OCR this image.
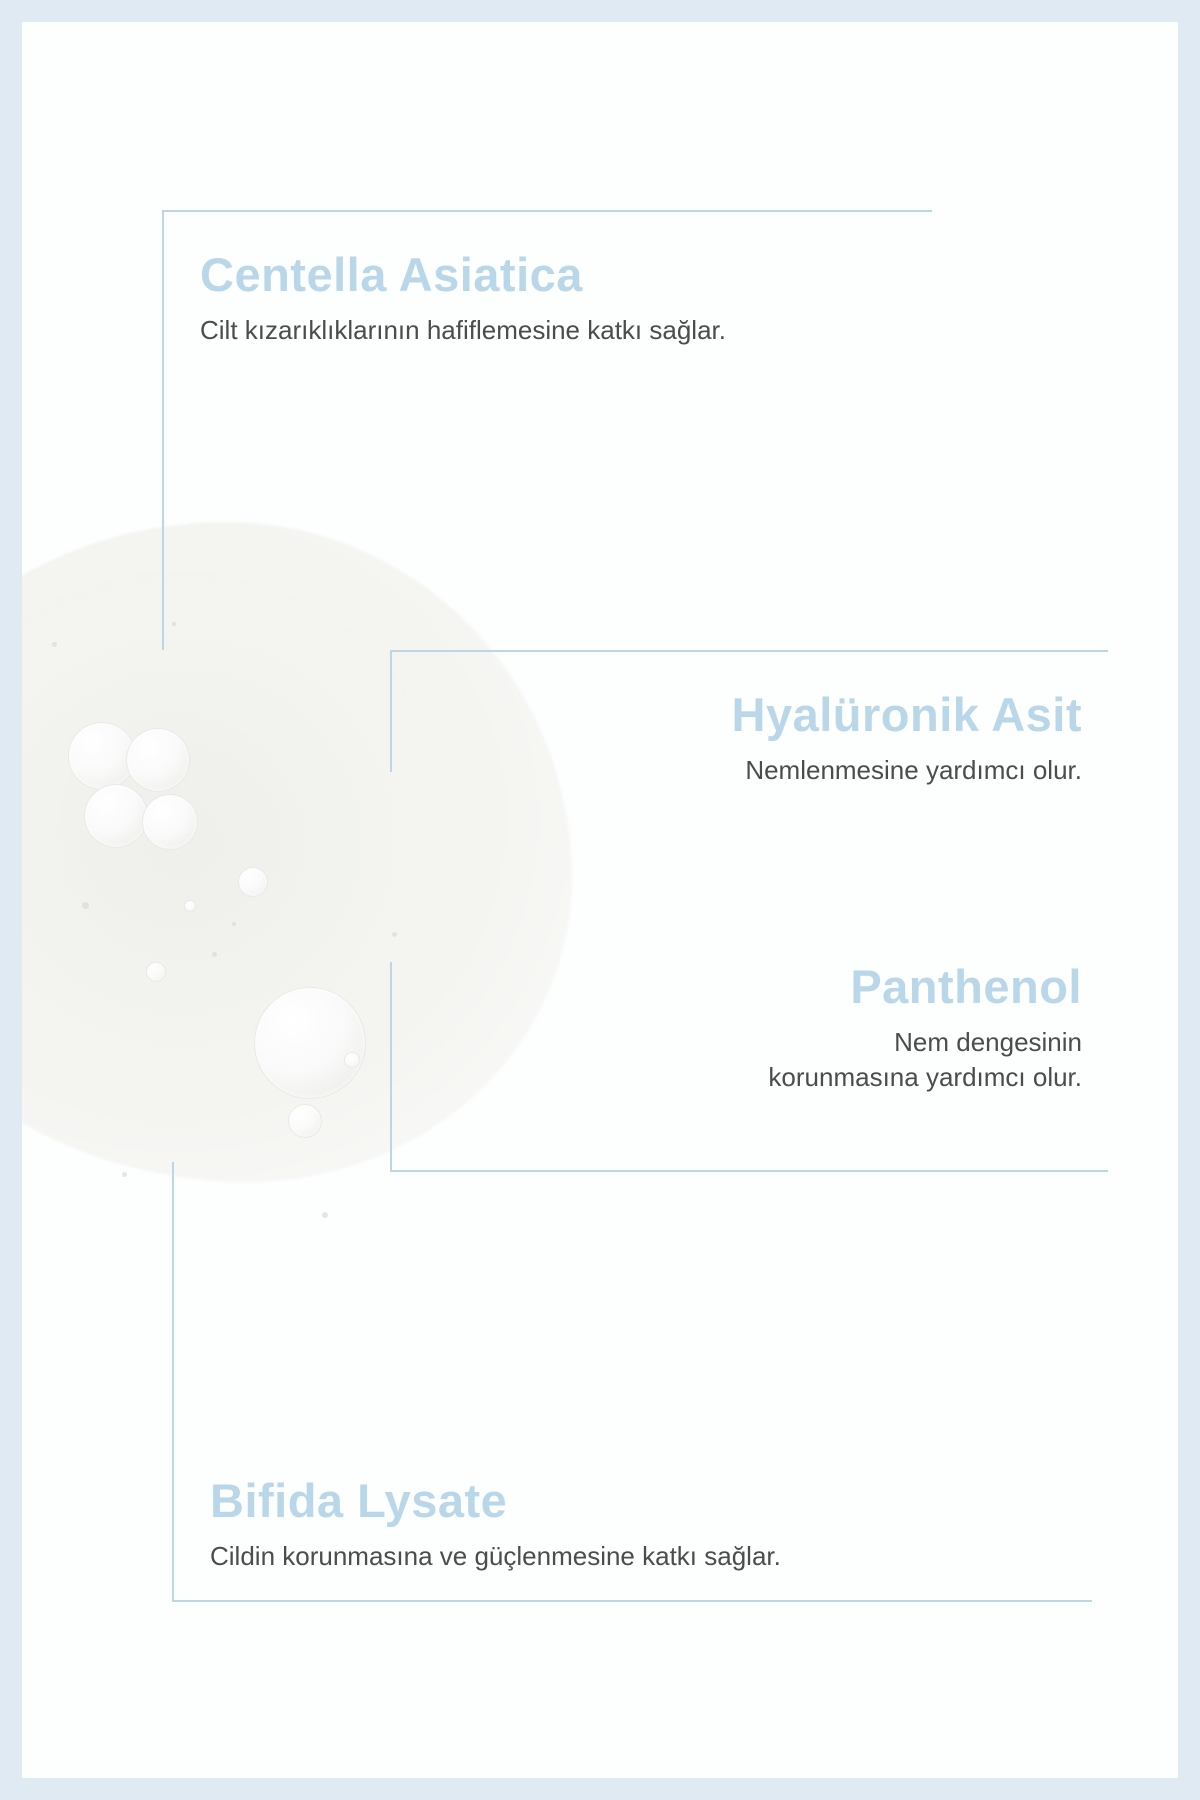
Centella Asiatica

Cilt kızarıklıklarının hafiflemesine katkı sağlar.

Hyalüronik Asit

Nemlenmesine yardımcı olur.

Panthenol

Nem dengesinin

korunmasına yardımcı olur.

Bifida Lysate

Cildin korunmasına ve güçlenmesine katkı sağlar.
